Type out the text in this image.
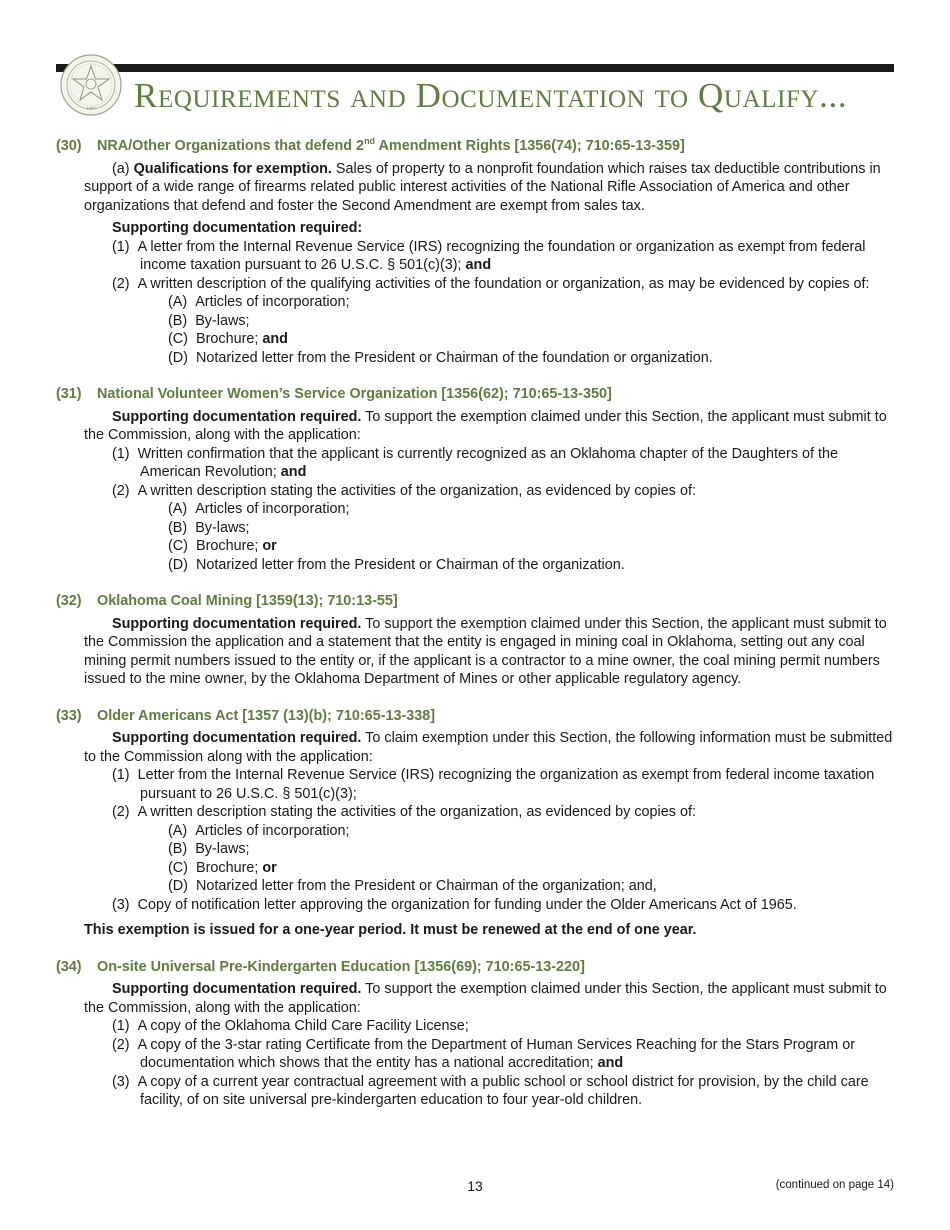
1907 Requirements and Documentation to Qualify...

(30) NRA/Other Organizations that defend 2nd Amendment Rights [1356(74); 710:65-13-359]

(a) Qualifications for exemption. Sales of property to a nonprofit foundation which raises tax deductible contributions in support of a wide range of firearms related public interest activities of the National Rifle Association of America and other organizations that defend and foster the Second Amendment are exempt from sales tax.

Supporting documentation required:

(1) A letter from the Internal Revenue Service (IRS) recognizing the foundation or organization as exempt from federal income taxation pursuant to 26 U.S.C. § 501(c)(3); and

(2) A written description of the qualifying activities of the foundation or organization, as may be evidenced by copies of:

(A) Articles of incorporation;

(B) By-laws;

(C) Brochure; and

(D) Notarized letter from the President or Chairman of the foundation or organization.

(31) National Volunteer Women’s Service Organization [1356(62); 710:65-13-350]

Supporting documentation required. To support the exemption claimed under this Section, the applicant must submit to the Commission, along with the application:

(1) Written confirmation that the applicant is currently recognized as an Oklahoma chapter of the Daughters of the American Revolution; and

(2) A written description stating the activities of the organization, as evidenced by copies of:

(A) Articles of incorporation;

(B) By-laws;

(C) Brochure; or

(D) Notarized letter from the President or Chairman of the organization.

(32) Oklahoma Coal Mining [1359(13); 710:13-55]

Supporting documentation required. To support the exemption claimed under this Section, the applicant must submit to the Commission the application and a statement that the entity is engaged in mining coal in Oklahoma, setting out any coal mining permit numbers issued to the entity or, if the applicant is a contractor to a mine owner, the coal mining permit numbers issued to the mine owner, by the Oklahoma Department of Mines or other applicable regulatory agency.

(33) Older Americans Act [1357 (13)(b); 710:65-13-338]

Supporting documentation required. To claim exemption under this Section, the following information must be submitted to the Commission along with the application:

(1) Letter from the Internal Revenue Service (IRS) recognizing the organization as exempt from federal income taxation pursuant to 26 U.S.C. § 501(c)(3);

(2) A written description stating the activities of the organization, as evidenced by copies of:

(A) Articles of incorporation;

(B) By-laws;

(C) Brochure; or

(D) Notarized letter from the President or Chairman of the organization; and,

(3) Copy of notification letter approving the organization for funding under the Older Americans Act of 1965.

This exemption is issued for a one-year period. It must be renewed at the end of one year.

(34) On-site Universal Pre-Kindergarten Education [1356(69); 710:65-13-220]

Supporting documentation required. To support the exemption claimed under this Section, the applicant must submit to the Commission, along with the application:

(1) A copy of the Oklahoma Child Care Facility License;

(2) A copy of the 3-star rating Certificate from the Department of Human Services Reaching for the Stars Program or documentation which shows that the entity has a national accreditation; and

(3) A copy of a current year contractual agreement with a public school or school district for provision, by the child care facility, of on site universal pre-kindergarten education to four year-old children.

13	(continued on page 14)
